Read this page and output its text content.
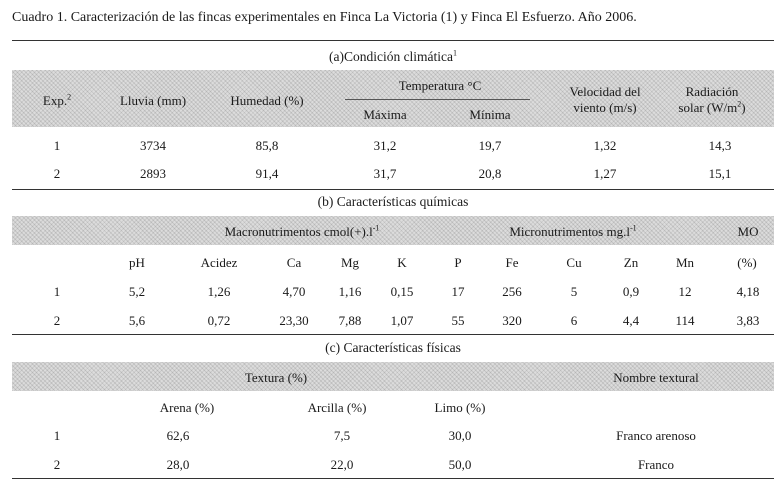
Cuadro 1. Caracterización de las fincas experimentales en Finca La Victoria (1) y Finca El Esfuerzo. Año 2006.
(a)Condición climática$^1$
Exp.$^2$	Lluvia (mm)	Humedad (%)
Temperatura °C
Máxima	Mínima
Velocidad del
viento (m/s)
Radiación
solar $(W/m^2)$
1	3734	85,8	31,2	19,7	1,32	14,3
2	2893	91,4	31,7	20,8	1,27	15,1
(b) Características químicas
Macronutrimentos $cmol(+).l^{-1}$	Micronutrimentos $mg.l^{-1}$	MO
pH	Acidez	Ca	Mg	K	P	Fe	Cu	Zn	Mn	(%)
1	5,2	1,26	4,70	1,16 0,15	17	256	5	0,9	12	4,18
2	5,6	0,72	23,30 7,88 1,07	55	320	6	4,4	114	3,83
(c) Características físicas
Textura (%)	Nombre textural
Arena (%)	Arcilla (%)	Limo (%)
1	62,6	7,5	30,0	Franco arenoso
2	28,0	22,0	50,0	Franco
